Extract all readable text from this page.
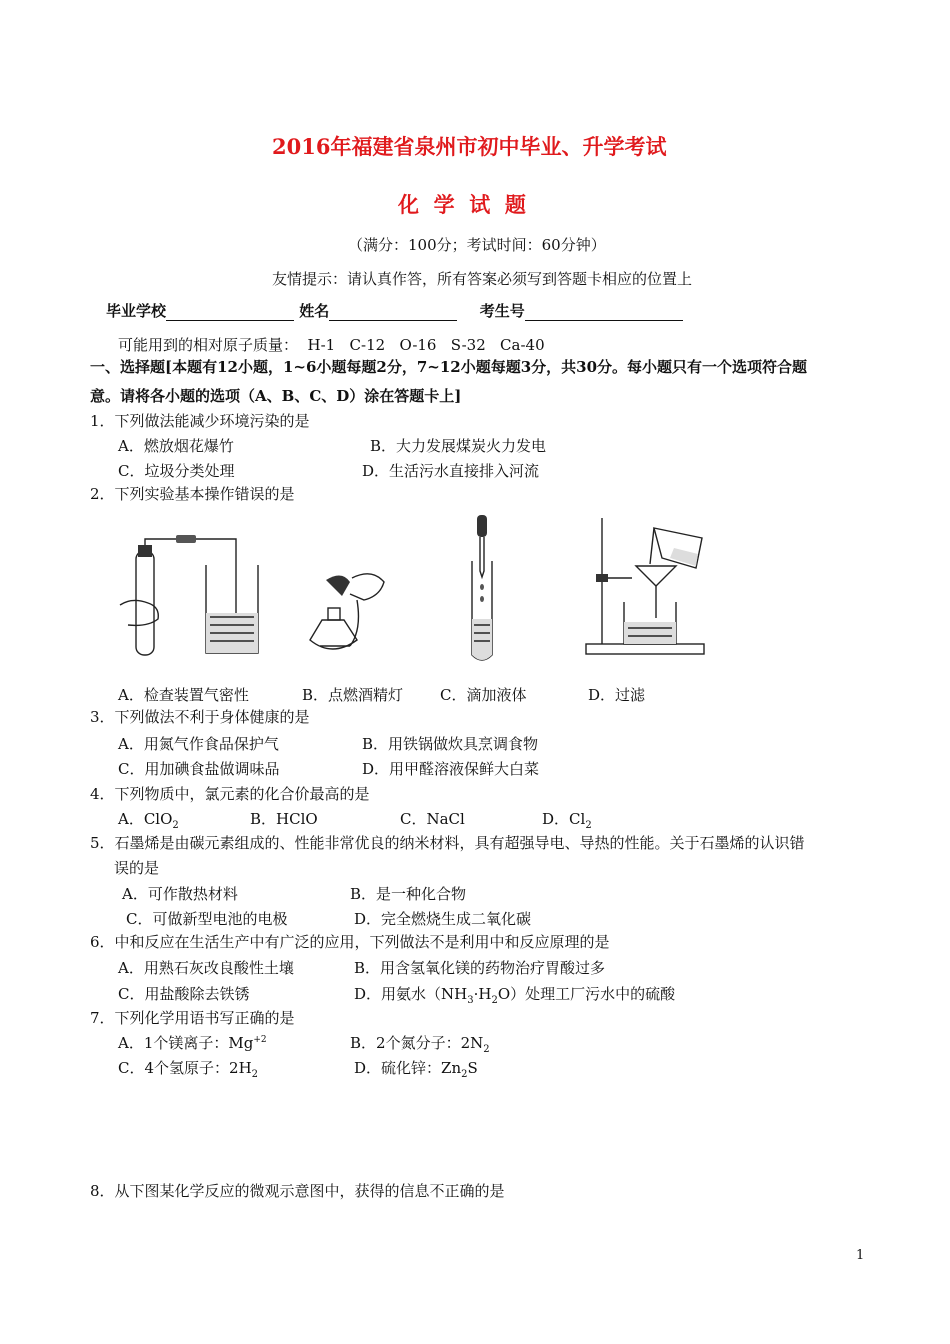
2016年福建省泉州市初中毕业、升学考试
化  学  试  题
（满分：100分；考试时间：60分钟）
友情提示：请认真作答，所有答案必须写到答题卡相应的位置上
毕业学校	姓名	考生号
可能用到的相对原子质量：  H-1   C-12   O-16   S-32   Ca-40
一、选择题[本题有12小题，1~6小题每题2分，7~12小题每题3分，共30分。每小题只有一个选项符合题
意。请将各小题的选项（A、B、C、D）涂在答题卡上]
1．下列做法能减少环境污染的是
A．燃放烟花爆竹	B．大力发展煤炭火力发电
C．垃圾分类处理	D．生活污水直接排入河流
2．下列实验基本操作错误的是
A．检查装置气密性	B．点燃酒精灯 C．滴加液体	D．过滤
3．下列做法不利于身体健康的是
A．用氮气作食品保护气	B．用铁锅做炊具烹调食物
C．用加碘食盐做调味品	D．用甲醛溶液保鲜大白菜
4．下列物质中，氯元素的化合价最高的是
A．ClO$_2$	B．HClO	C．NaCl	D．$Cl_2$
5．石墨烯是由碳元素组成的、性能非常优良的纳米材料，具有超强导电、导热的性能。关于石墨烯的认识错
误的是
A．可作散热材料	B．是一种化合物
C．可做新型电池的电极	D．完全燃烧生成二氧化碳
6．中和反应在生活生产中有广泛的应用，下列做法不是利用中和反应原理的是
A．用熟石灰改良酸性土壤	B．用含氢氧化镁的药物治疗胃酸过多
C．用盐酸除去铁锈	D．用氨水$(NH_3\cdot H_2O)$处理工厂污水中的硫酸
7．下列化学用语书写正确的是
A．1个镁离子：$Mg^{+2}$	B．2个氮分子：$2N_2$
C．4个氢原子：$2H_2$	D．硫化锌：$Zn_2S$
8．从下图某化学反应的微观示意图中，获得的信息不正确的是
1
